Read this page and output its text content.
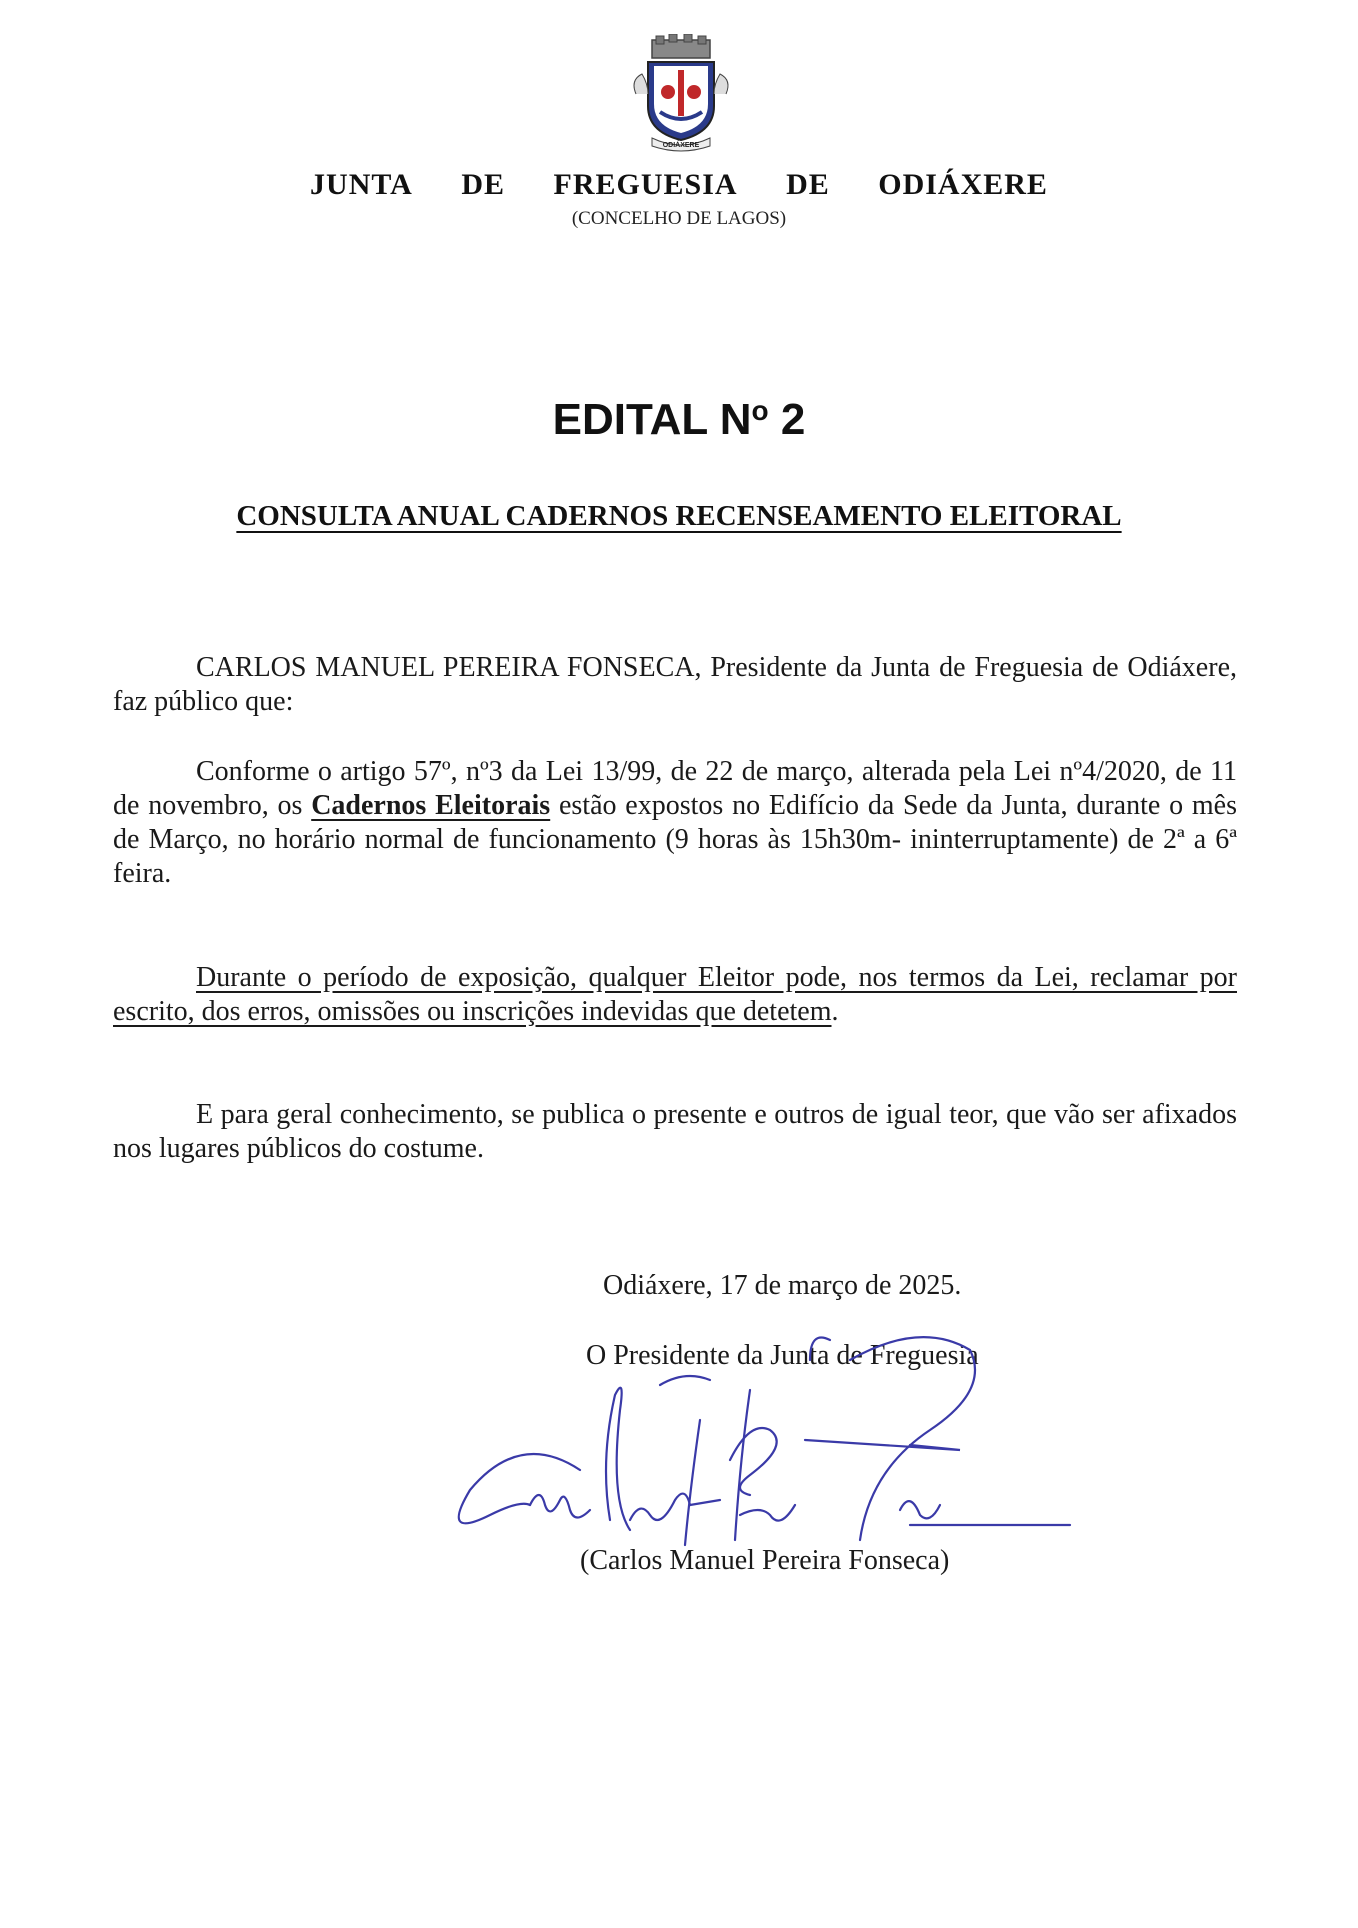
ODIÁXERE
JUNTA DE FREGUESIA DE ODIÁXERE
(CONCELHO DE LAGOS)
EDITAL $N^o$ 2
CONSULTA ANUAL CADERNOS RECENSEAMENTO ELEITORAL
CARLOS MANUEL PEREIRA FONSECA, Presidente da Junta de Freguesia de Odiáxere, faz público que:
Conforme o artigo 57º, nº3 da Lei 13/99, de 22 de março, alterada pela Lei nº4/2020, de 11 de novembro, os Cadernos Eleitorais estão expostos no Edifício da Sede da Junta, durante o mês de Março, no horário normal de funcionamento (9 horas às 15h30m- ininterruptamente) de 2ª a 6ª feira.
Durante o período de exposição, qualquer Eleitor pode, nos termos da Lei, reclamar por escrito, dos erros, omissões ou inscrições indevidas que detetem.
E para geral conhecimento, se publica o presente e outros de igual teor, que vão ser afixados nos lugares públicos do costume.
Odiáxere, 17 de março de 2025.
O Presidente da Junta de Freguesia
(Carlos Manuel Pereira Fonseca)
